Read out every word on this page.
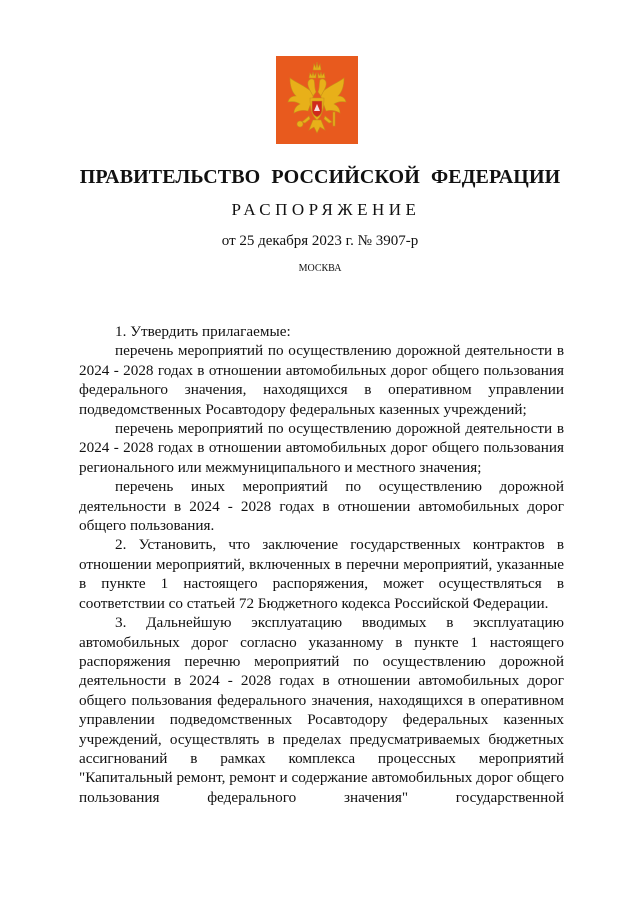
ПРАВИТЕЛЬСТВО РОССИЙСКОЙ ФЕДЕРАЦИИ
РАСПОРЯЖЕНИЕ
от 25 декабря 2023 г. № 3907-р
МОСКВА

1. Утвердить прилагаемые:

перечень мероприятий по осуществлению дорожной деятельности в 2024 - 2028 годах в отношении автомобильных дорог общего пользования федерального значения, находящихся в оперативном управлении подведомственных Росавтодору федеральных казенных учреждений;

перечень мероприятий по осуществлению дорожной деятельности в 2024 - 2028 годах в отношении автомобильных дорог общего пользования регионального или межмуниципального и местного значения;

перечень иных мероприятий по осуществлению дорожной деятельности в 2024 - 2028 годах в отношении автомобильных дорог общего пользования.

2. Установить, что заключение государственных контрактов в отношении мероприятий, включенных в перечни мероприятий, указанные в пункте 1 настоящего распоряжения, может осуществляться в соответствии со статьей 72 Бюджетного кодекса Российской Федерации.

3. Дальнейшую эксплуатацию вводимых в эксплуатацию автомобильных дорог согласно указанному в пункте 1 настоящего распоряжения перечню мероприятий по осуществлению дорожной деятельности в 2024 - 2028 годах в отношении автомобильных дорог общего пользования федерального значения, находящихся в оперативном управлении подведомственных Росавтодору федеральных казенных учреждений, осуществлять в пределах предусматриваемых бюджетных ассигнований в рамках комплекса процессных мероприятий "Капитальный ремонт, ремонт и содержание автомобильных дорог общего пользования федерального значения" государственной
